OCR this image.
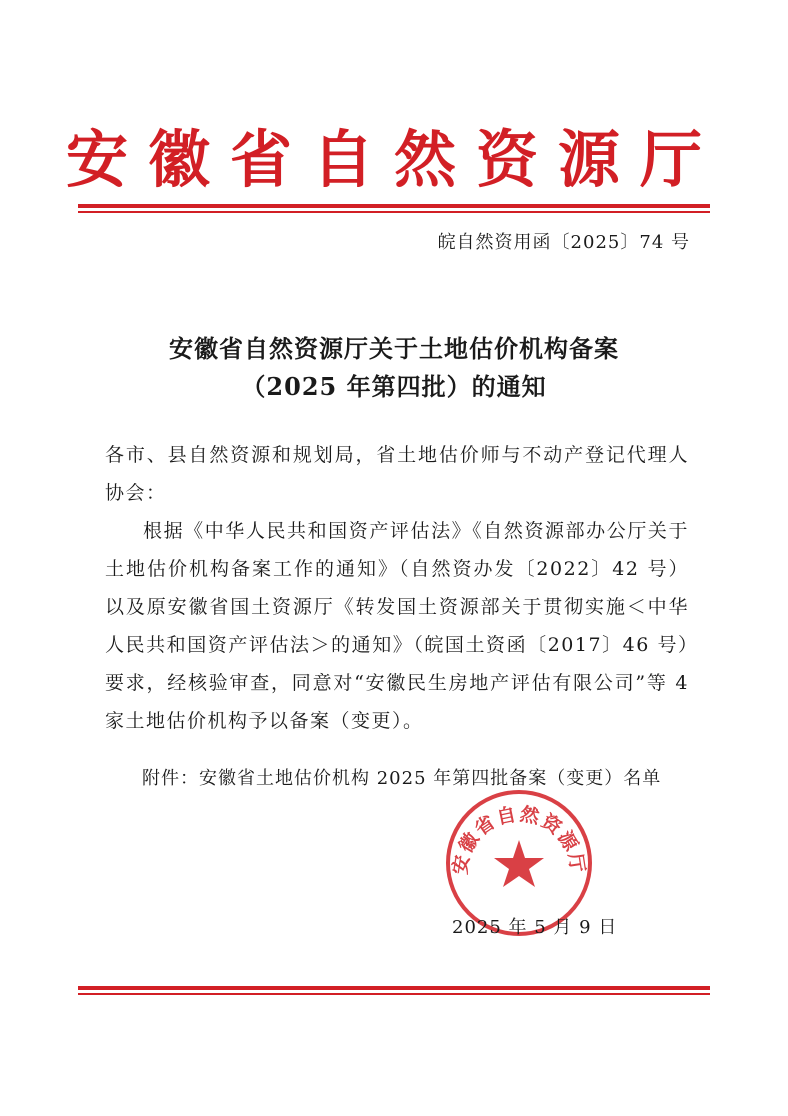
安徽省自然资源厅
皖自然资用函〔2025〕74 号
安徽省自然资源厅关于土地估价机构备案
（2025 年第四批）的通知

各市、县自然资源和规划局，省土地估价师与不动产登记代理人协会：

根据《中华人民共和国资产评估法》《自然资源部办公厅关于土地估价机构备案工作的通知》（自然资办发〔2022〕42 号）以及原安徽省国土资源厅《转发国土资源部关于贯彻实施＜中华人民共和国资产评估法＞的通知》（皖国土资函〔2017〕46 号）要求，经核验审查，同意对“安徽民生房地产评估有限公司”等 4 家土地估价机构予以备案（变更）。

附件：安徽省土地估价机构 2025 年第四批备案（变更）名单
安徽省自然资源厅
2025 年 5 月 9 日
